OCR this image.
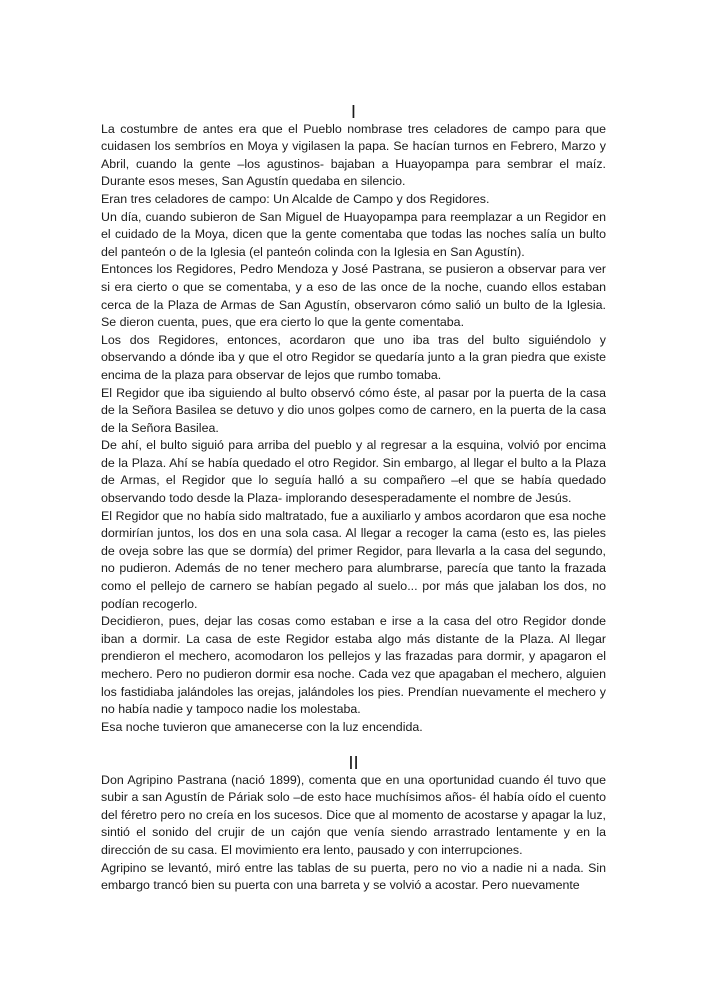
I

La costumbre de antes era que el Pueblo nombrase tres celadores de campo para que cuidasen los sembríos en Moya y vigilasen la papa. Se hacían turnos en Febrero, Marzo y Abril, cuando la gente –los agustinos- bajaban a Huayopampa para sembrar el maíz. Durante esos meses, San Agustín quedaba en silencio.

Eran tres celadores de campo: Un Alcalde de Campo y dos Regidores.

Un día, cuando subieron de San Miguel de Huayopampa para reemplazar a un Regidor en el cuidado de la Moya, dicen que la gente comentaba que todas las noches salía un bulto del panteón o de la Iglesia (el panteón colinda con la Iglesia en San Agustín).

Entonces los Regidores, Pedro Mendoza y José Pastrana, se pusieron a observar para ver si era cierto o que se comentaba, y a eso de las once de la noche, cuando ellos estaban cerca de la Plaza de Armas de San Agustín, observaron cómo salió un bulto de la Iglesia. Se dieron cuenta, pues, que era cierto lo que la gente comentaba.

Los dos Regidores, entonces, acordaron que uno iba tras del bulto siguiéndolo y observando a dónde iba y que el otro Regidor se quedaría junto a la gran piedra que existe encima de la plaza para observar de lejos que rumbo tomaba.

El Regidor que iba siguiendo al bulto observó cómo éste, al pasar por la puerta de la casa de la Señora Basilea se detuvo y dio unos golpes como de carnero, en la puerta de la casa de la Señora Basilea.

De ahí, el bulto siguió para arriba del pueblo y al regresar a la esquina, volvió por encima de la Plaza. Ahí se había quedado el otro Regidor. Sin embargo, al llegar el bulto a la Plaza de Armas, el Regidor que lo seguía halló a su compañero –el que se había quedado observando todo desde la Plaza- implorando desesperadamente el nombre de Jesús.

El Regidor que no había sido maltratado, fue a auxiliarlo y ambos acordaron que esa noche dormirían juntos, los dos en una sola casa. Al llegar a recoger la cama (esto es, las pieles de oveja sobre las que se dormía) del primer Regidor, para llevarla a la casa del segundo, no pudieron. Además de no tener mechero para alumbrarse, parecía que tanto la frazada como el pellejo de carnero se habían pegado al suelo... por más que jalaban los dos, no podían recogerlo.

Decidieron, pues, dejar las cosas como estaban e irse a la casa del otro Regidor donde iban a dormir. La casa de este Regidor estaba algo más distante de la Plaza. Al llegar prendieron el mechero, acomodaron los pellejos y las frazadas para dormir, y apagaron el mechero. Pero no pudieron dormir esa noche. Cada vez que apagaban el mechero, alguien los fastidiaba jalándoles las orejas, jalándoles los pies. Prendían nuevamente el mechero y no había nadie y tampoco nadie los molestaba.

Esa noche tuvieron que amanecerse con la luz encendida.

II

Don Agripino Pastrana (nació 1899), comenta que en una oportunidad cuando él tuvo que subir a san Agustín de Páriak solo –de esto hace muchísimos años- él había oído el cuento del féretro pero no creía en los sucesos. Dice que al momento de acostarse y apagar la luz, sintió el sonido del crujir de un cajón que venía siendo arrastrado lentamente y en la dirección de su casa. El movimiento era lento, pausado y con interrupciones.

Agripino se levantó, miró entre las tablas de su puerta, pero no vio a nadie ni a nada. Sin embargo trancó bien su puerta con una barreta y se volvió a acostar. Pero nuevamente
